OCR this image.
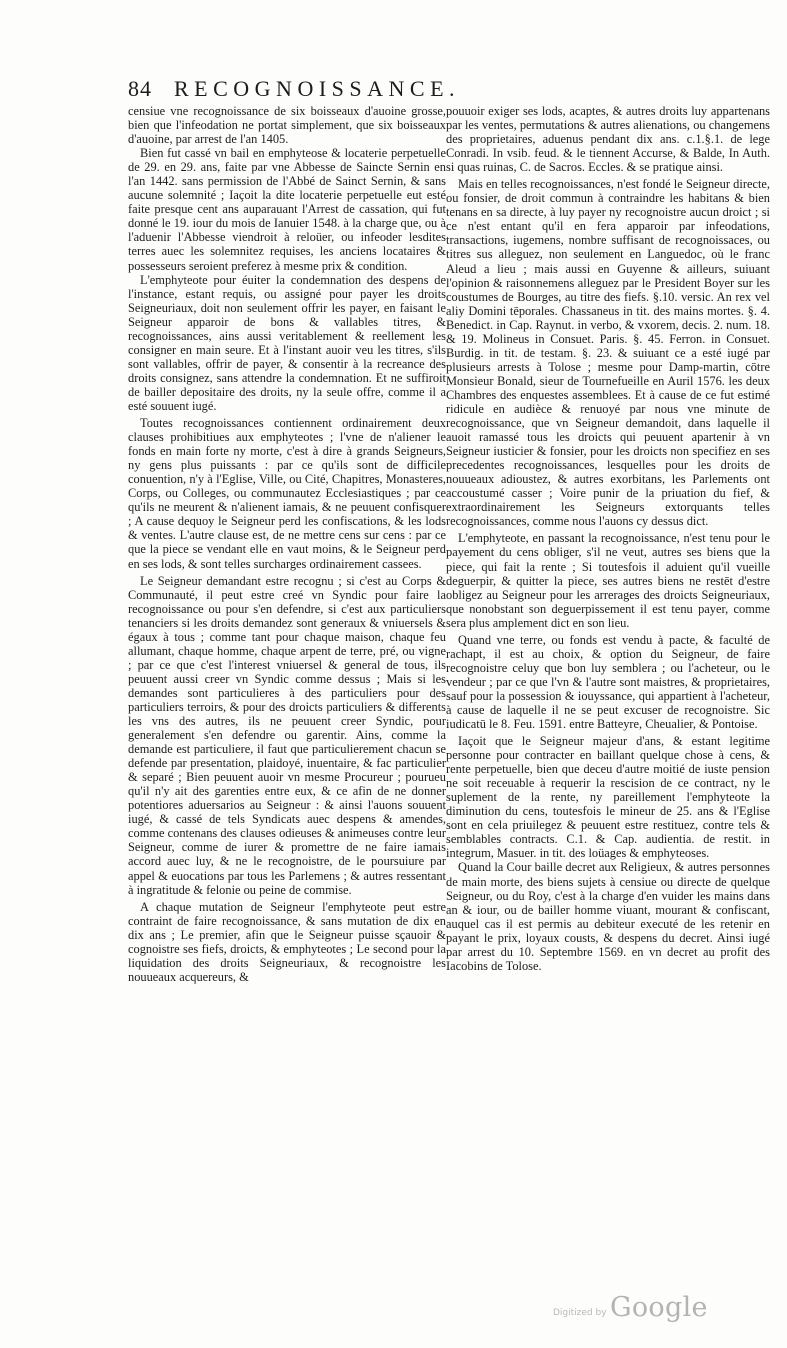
84 RECOGNOISSANCE.

censiue vne recognoissance de six boisseaux d'auoine grosse, bien que l'infeodation ne portat simplement, que six boisseaux d'auoine, par arrest de l'an 1405.

Bien fut cassé vn bail en emphyteose & locaterie perpetuelle de 29. en 29. ans, faite par vne Abbesse de Saincte Sernin en l'an 1442. sans permission de l'Abbé de Sainct Sernin, & sans aucune solemnité ; Iaçoit la dite locaterie perpetuelle eut esté faite presque cent ans auparauant l'Arrest de cassation, qui fut donné le 19. iour du mois de Ianuier 1548. à la charge que, ou à l'aduenir l'Abbesse viendroit à reloüer, ou infeoder lesdites terres auec les solemnitez requises, les anciens locataires & possesseurs seroient preferez à mesme prix & condition.

L'emphyteote pour éuiter la condemnation des despens de l'instance, estant requis, ou assigné pour payer les droits Seigneuriaux, doit non seulement offrir les payer, en faisant le Seigneur apparoir de bons & vallables titres, & recognoissances, ains aussi veritablement & reellement les consigner en main seure. Et à l'instant auoir veu les titres, s'ils sont vallables, offrir de payer, & consentir à la recreance des droits consignez, sans attendre la condemnation. Et ne suffiroit de bailler depositaire des droits, ny la seule offre, comme il a esté souuent iugé.

Toutes recognoissances contiennent ordinairement deux clauses prohibitiues aux emphyteotes ; l'vne de n'aliener le fonds en main forte ny morte, c'est à dire à grands Seigneurs, ny gens plus puissants : par ce qu'ils sont de difficile conuention, n'y à l'Eglise, Ville, ou Cité, Chapitres, Monasteres, Corps, ou Colleges, ou communautez Ecclesiastiques ; par ce qu'ils ne meurent & n'alienent iamais, & ne peuuent confisquer ; A cause dequoy le Seigneur perd les confiscations, & les lods & ventes. L'autre clause est, de ne mettre cens sur cens : par ce que la piece se vendant elle en vaut moins, & le Seigneur perd en ses lods, & sont telles surcharges ordinairement cassees.

Le Seigneur demandant estre recognu ; si c'est au Corps & Communauté, il peut estre creé vn Syndic pour faire la recognoissance ou pour s'en defendre, si c'est aux particuliers tenanciers si les droits demandez sont generaux & vniuersels & égaux à tous ; comme tant pour chaque maison, chaque feu allumant, chaque homme, chaque arpent de terre, pré, ou vigne ; par ce que c'est l'interest vniuersel & general de tous, ils peuuent aussi creer vn Syndic comme dessus ; Mais si les demandes sont particulieres à des particuliers pour des particuliers terroirs, & pour des droicts particuliers & differents les vns des autres, ils ne peuuent creer Syndic, pour generalement s'en defendre ou garentir. Ains, comme la demande est particuliere, il faut que particulierement chacun se defende par presentation, plaidoyé, inuentaire, & fac particulier & separé ; Bien peuuent auoir vn mesme Procureur ; pourueu qu'il n'y ait des garenties entre eux, & ce afin de ne donner potentiores aduersarios au Seigneur : & ainsi l'auons souuent iugé, & cassé de tels Syndicats auec despens & amendes, comme contenans des clauses odieuses & animeuses contre leur Seigneur, comme de iurer & promettre de ne faire iamais accord auec luy, & ne le recognoistre, de le poursuiure par appel & euocations par tous les Parlemens ; & autres ressentant à ingratitude & felonie ou peine de commise.

A chaque mutation de Seigneur l'emphyteote peut estre contraint de faire recognoissance, & sans mutation de dix en dix ans ; Le premier, afin que le Seigneur puisse sçauoir & cognoistre ses fiefs, droicts, & emphyteotes ; Le second pour la liquidation des droits Seigneuriaux, & recognoistre les nouueaux acquereurs, &

pouuoir exiger ses lods, acaptes, & autres droits luy appartenans par les ventes, permutations & autres alienations, ou changemens des proprietaires, aduenus pendant dix ans. c.1.§.1. de lege Conradi. In vsib. feud. & le tiennent Accurse, & Balde, In Auth. si quas ruinas, C. de Sacros. Eccles. & se pratique ainsi.

Mais en telles recognoissances, n'est fondé le Seigneur directe, ou fonsier, de droit commun à contraindre les habitans & bien tenans en sa directe, à luy payer ny recognoistre aucun droict ; si ce n'est entant qu'il en fera apparoir par infeodations, transactions, iugemens, nombre suffisant de recognoissaces, ou titres sus alleguez, non seulement en Languedoc, où le franc Aleud a lieu ; mais aussi en Guyenne & ailleurs, suiuant l'opinion & raisonnemens alleguez par le President Boyer sur les coustumes de Bourges, au titre des fiefs. §.10. versic. An rex vel aliy Domini tēporales. Chassaneus in tit. des mains mortes. §. 4. Benedict. in Cap. Raynut. in verbo, & vxorem, decis. 2. num. 18. & 19. Molineus in Consuet. Paris. §. 45. Ferron. in Consuet. Burdig. in tit. de testam. §. 23. & suiuant ce a esté iugé par plusieurs arrests à Tolose ; mesme pour Damp-martin, cōtre Monsieur Bonald, sieur de Tournefueille en Auril 1576. les deux Chambres des enquestes assemblees. Et à cause de ce fut estimé ridicule en audièce & renuoyé par nous vne minute de recognoissance, que vn Seigneur demandoit, dans laquelle il auoit ramassé tous les droicts qui peuuent apartenir à vn Seigneur iusticier & fonsier, pour les droicts non specifiez en ses precedentes recognoissances, lesquelles pour les droits de nouueaux adioustez, & autres exorbitans, les Parlements ont accoustumé casser ; Voire punir de la priuation du fief, & extraordinairement les Seigneurs extorquants telles recognoissances, comme nous l'auons cy dessus dict.

L'emphyteote, en passant la recognoissance, n'est tenu pour le payement du cens obliger, s'il ne veut, autres ses biens que la piece, qui fait la rente ; Si toutesfois il aduient qu'il vueille deguerpir, & quitter la piece, ses autres biens ne restēt d'estre obligez au Seigneur pour les arrerages des droicts Seigneuriaux, que nonobstant son deguerpissement il est tenu payer, comme sera plus amplement dict en son lieu.

Quand vne terre, ou fonds est vendu à pacte, & faculté de rachapt, il est au choix, & option du Seigneur, de faire recognoistre celuy que bon luy semblera ; ou l'acheteur, ou le vendeur ; par ce que l'vn & l'autre sont maistres, & proprietaires, sauf pour la possession & iouyssance, qui appartient à l'acheteur, à cause de laquelle il ne se peut excuser de recognoistre. Sic iudicatū le 8. Feu. 1591. entre Batteyre, Cheualier, & Pontoise.

Iaçoit que le Seigneur majeur d'ans, & estant legitime personne pour contracter en baillant quelque chose à cens, & rente perpetuelle, bien que deceu d'autre moitié de iuste pension ne soit receuable à requerir la rescision de ce contract, ny le suplement de la rente, ny pareillement l'emphyteote la diminution du cens, toutesfois le mineur de 25. ans & l'Eglise sont en cela priuilegez & peuuent estre restituez, contre tels & semblables contracts. C.1. & Cap. audientia. de restit. in integrum, Masuer. in tit. des loüages & emphyteoses.

Quand la Cour baille decret aux Religieux, & autres personnes de main morte, des biens sujets à censiue ou directe de quelque Seigneur, ou du Roy, c'est à la charge d'en vuider les mains dans an & iour, ou de bailler homme viuant, mourant & confiscant, auquel cas il est permis au debiteur executé de les retenir en payant le prix, loyaux cousts, & despens du decret. Ainsi iugé par arrest du 10. Septembre 1569. en vn decret au profit des Iacobins de Tolose.

Digitized by Google
